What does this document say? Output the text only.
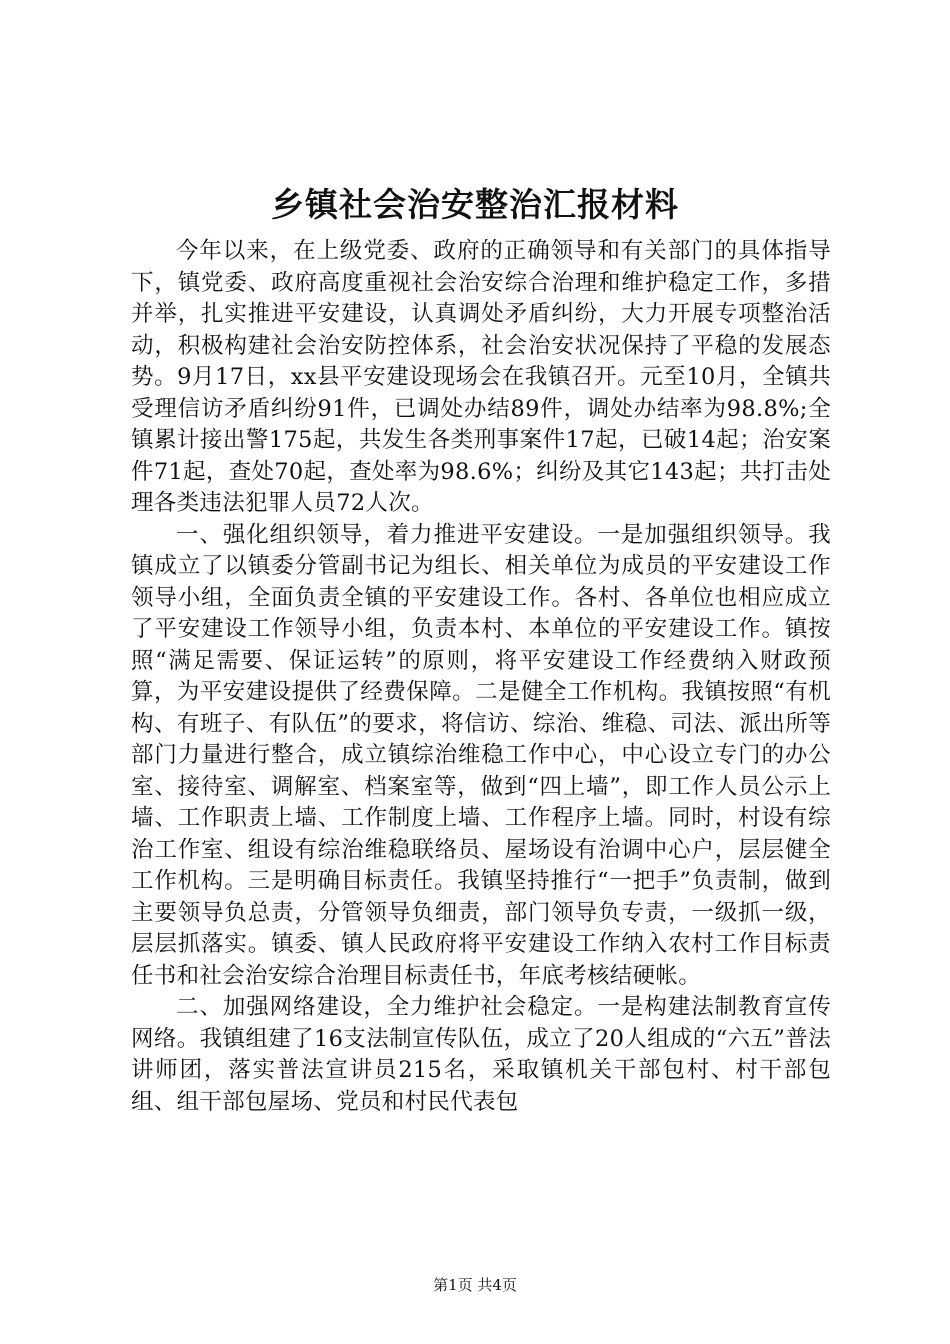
乡镇社会治安整治汇报材料

今年以来，在上级党委、政府的正确领导和有关部门的具体指导下，镇党委、政府高度重视社会治安综合治理和维护稳定工作，多措并举，扎实推进平安建设，认真调处矛盾纠纷，大力开展专项整治活动，积极构建社会治安防控体系，社会治安状况保持了平稳的发展态势。9月17日，xx县平安建设现场会在我镇召开。元至10月，全镇共受理信访矛盾纠纷91件，已调处办结89件，调处办结率为98.8%;全镇累计接出警175起，共发生各类刑事案件17起，已破14起；治安案件71起，查处70起，查处率为98.6%；纠纷及其它143起；共打击处理各类违法犯罪人员72人次。

一、强化组织领导，着力推进平安建设。一是加强组织领导。我镇成立了以镇委分管副书记为组长、相关单位为成员的平安建设工作领导小组，全面负责全镇的平安建设工作。各村、各单位也相应成立了平安建设工作领导小组，负责本村、本单位的平安建设工作。镇按照“满足需要、保证运转”的原则，将平安建设工作经费纳入财政预算，为平安建设提供了经费保障。二是健全工作机构。我镇按照“有机构、有班子、有队伍”的要求，将信访、综治、维稳、司法、派出所等部门力量进行整合，成立镇综治维稳工作中心，中心设立专门的办公室、接待室、调解室、档案室等，做到“四上墙”，即工作人员公示上墙、工作职责上墙、工作制度上墙、工作程序上墙。同时，村设有综治工作室、组设有综治维稳联络员、屋场设有治调中心户，层层健全工作机构。三是明确目标责任。我镇坚持推行“一把手”负责制，做到主要领导负总责，分管领导负细责，部门领导负专责，一级抓一级，层层抓落实。镇委、镇人民政府将平安建设工作纳入农村工作目标责任书和社会治安综合治理目标责任书，年底考核结硬帐。

二、加强网络建设，全力维护社会稳定。一是构建法制教育宣传网络。我镇组建了16支法制宣传队伍，成立了20人组成的“六五”普法讲师团，落实普法宣讲员215名，采取镇机关干部包村、村干部包组、组干部包屋场、党员和村民代表包

第1页 共4页
